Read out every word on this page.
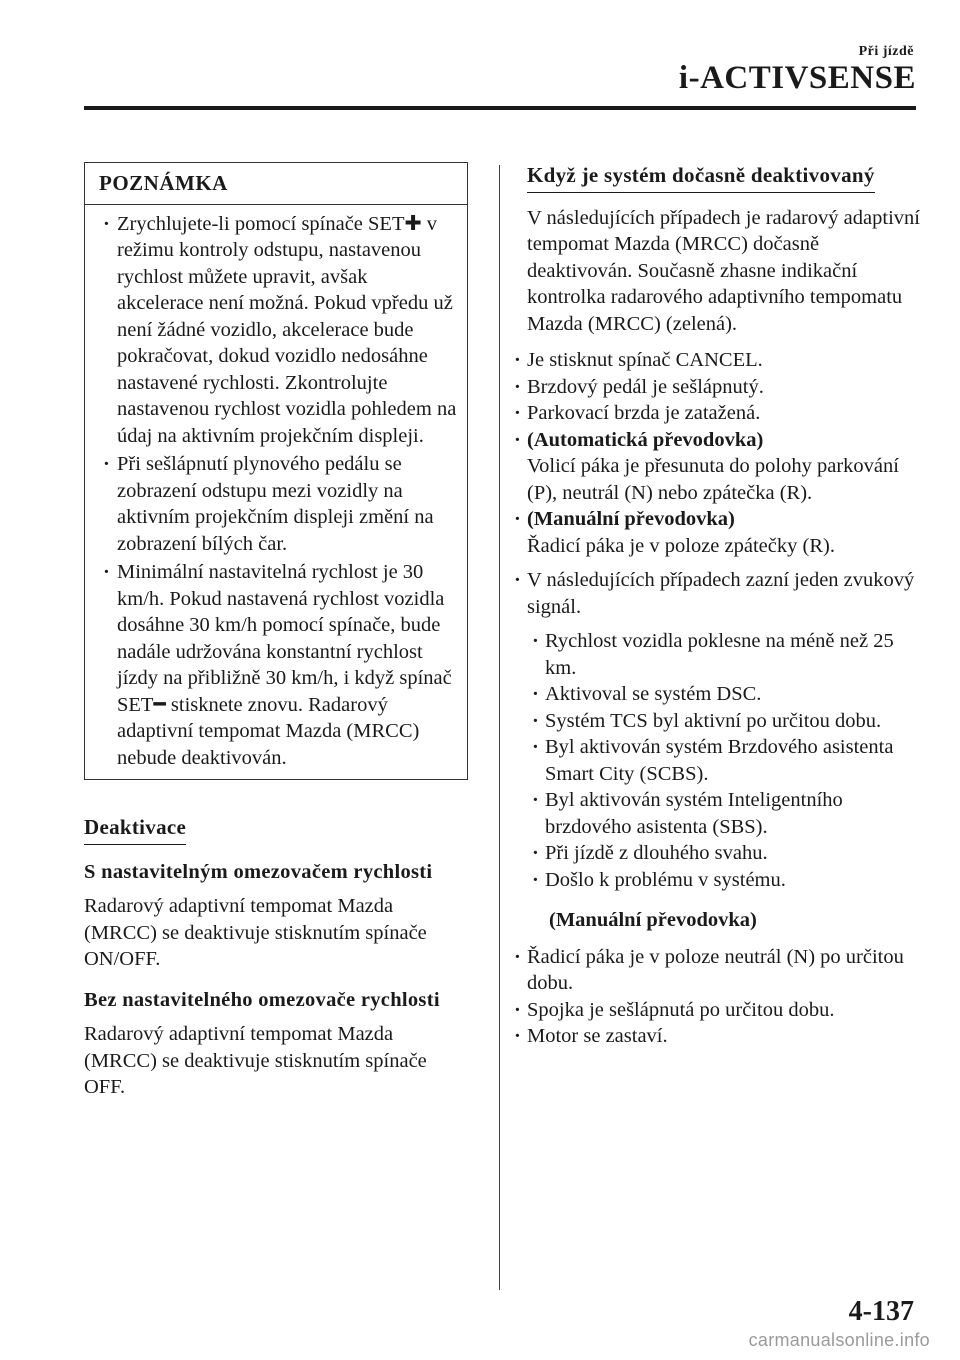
Při jízdě
i-ACTIVSENSE
POZNÁMKA
· Zrychlujete-li pomocí spínače SET✚ v režimu kontroly odstupu, nastavenou rychlost můžete upravit, avšak akcelerace není možná. Pokud vpředu už není žádné vozidlo, akcelerace bude pokračovat, dokud vozidlo nedosáhne nastavené rychlosti. Zkontrolujte nastavenou rychlost vozidla pohledem na údaj na aktivním projekčním displeji.
· Při sešlápnutí plynového pedálu se zobrazení odstupu mezi vozidly na aktivním projekčním displeji změní na zobrazení bílých čar.
· Minimální nastavitelná rychlost je 30 km/h. Pokud nastavená rychlost vozidla dosáhne 30 km/h pomocí spínače, bude nadále udržována konstantní rychlost jízdy na přibližně 30 km/h, i když spínač SET━ stisknete znovu. Radarový adaptivní tempomat Mazda (MRCC) nebude deaktivován.
Deaktivace
S nastavitelným omezovačem rychlosti
Radarový adaptivní tempomat Mazda (MRCC) se deaktivuje stisknutím spínače ON/OFF.
Bez nastavitelného omezovače rychlosti
Radarový adaptivní tempomat Mazda (MRCC) se deaktivuje stisknutím spínače OFF.
Když je systém dočasně deaktivovaný
V následujících případech je radarový adaptivní tempomat Mazda (MRCC) dočasně deaktivován. Současně zhasne indikační kontrolka radarového adaptivního tempomatu Mazda (MRCC) (zelená).
· Je stisknut spínač CANCEL.
· Brzdový pedál je sešlápnutý.
· Parkovací brzda je zatažená.
· (Automatická převodovka)
Volicí páka je přesunuta do polohy parkování (P), neutrál (N) nebo zpátečka (R).
· (Manuální převodovka)
Řadicí páka je v poloze zpátečky (R).
· V následujících případech zazní jeden zvukový signál.
· Rychlost vozidla poklesne na méně než 25 km.
· Aktivoval se systém DSC.
· Systém TCS byl aktivní po určitou dobu.
· Byl aktivován systém Brzdového asistenta Smart City (SCBS).
· Byl aktivován systém Inteligentního brzdového asistenta (SBS).
· Při jízdě z dlouhého svahu.
· Došlo k problému v systému.
(Manuální převodovka)
· Řadicí páka je v poloze neutrál (N) po určitou dobu.
· Spojka je sešlápnutá po určitou dobu.
· Motor se zastaví.
4-137
carmanualsonline.info
